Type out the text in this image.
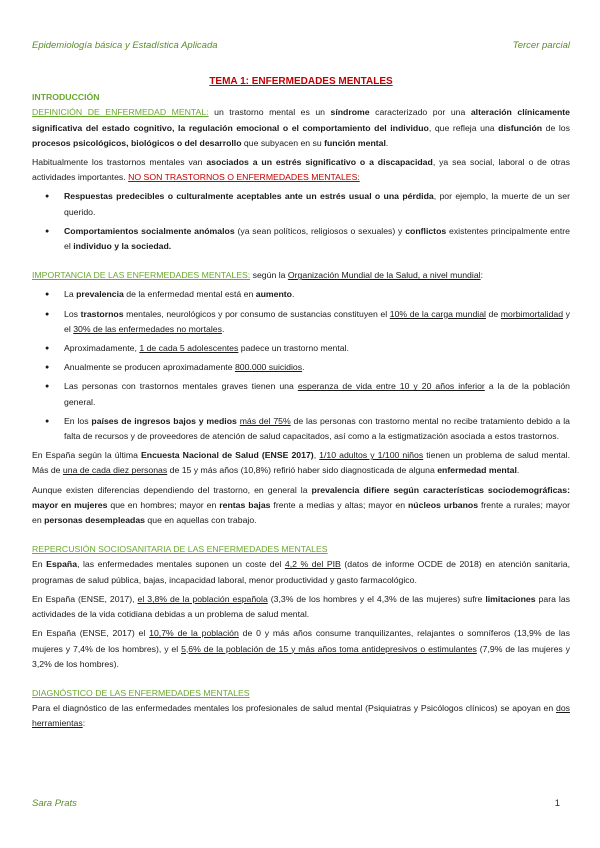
Epidemiología básica y Estadística Aplicada	Tercer parcial
TEMA 1: ENFERMEDADES MENTALES
INTRODUCCIÓN

DEFINICIÓN DE ENFERMEDAD MENTAL: un trastorno mental es un síndrome caracterizado por una alteración clínicamente significativa del estado cognitivo, la regulación emocional o el comportamiento del individuo, que refleja una disfunción de los procesos psicológicos, biológicos o del desarrollo que subyacen en su función mental.

Habitualmente los trastornos mentales van asociados a un estrés significativo o a discapacidad, ya sea social, laboral o de otras actividades importantes. NO SON TRASTORNOS O ENFERMEDADES MENTALES:

● Respuestas predecibles o culturalmente aceptables ante un estrés usual o una pérdida, por ejemplo, la muerte de un ser querido.
● Comportamientos socialmente anómalos (ya sean políticos, religiosos o sexuales) y conflictos existentes principalmente entre el individuo y la sociedad.

IMPORTANCIA DE LAS ENFERMEDADES MENTALES: según la Organización Mundial de la Salud, a nivel mundial:

● La prevalencia de la enfermedad mental está en aumento.
● Los trastornos mentales, neurológicos y por consumo de sustancias constituyen el 10% de la carga mundial de morbimortalidad y el 30% de las enfermedades no mortales.
● Aproximadamente, 1 de cada 5 adolescentes padece un trastorno mental.
● Anualmente se producen aproximadamente 800.000 suicidios.
● Las personas con trastornos mentales graves tienen una esperanza de vida entre 10 y 20 años inferior a la de la población general.
● En los países de ingresos bajos y medios más del 75% de las personas con trastorno mental no recibe tratamiento debido a la falta de recursos y de proveedores de atención de salud capacitados, así como a la estigmatización asociada a estos trastornos.

En España según la última Encuesta Nacional de Salud (ENSE 2017), 1/10 adultos y 1/100 niños tienen un problema de salud mental. Más de una de cada diez personas de 15 y más años (10,8%) refirió haber sido diagnosticada de alguna enfermedad mental.

Aunque existen diferencias dependiendo del trastorno, en general la prevalencia difiere según características sociodemográficas: mayor en mujeres que en hombres; mayor en rentas bajas frente a medias y altas; mayor en núcleos urbanos frente a rurales; mayor en personas desempleadas que en aquellas con trabajo.

REPERCUSIÓN SOCIOSANITARIA DE LAS ENFERMEDADES MENTALES

En España, las enfermedades mentales suponen un coste del 4,2 % del PIB (datos de informe OCDE de 2018) en atención sanitaria, programas de salud pública, bajas, incapacidad laboral, menor productividad y gasto farmacológico.

En España (ENSE, 2017), el 3,8% de la población española (3,3% de los hombres y el 4,3% de las mujeres) sufre limitaciones para las actividades de la vida cotidiana debidas a un problema de salud mental.

En España (ENSE, 2017) el 10,7% de la población de 0 y más años consume tranquilizantes, relajantes o somníferos (13,9% de las mujeres y 7,4% de los hombres), y el 5,6% de la población de 15 y más años toma antidepresivos o estimulantes (7,9% de las mujeres y 3,2% de los hombres).

DIAGNÓSTICO DE LAS ENFERMEDADES MENTALES

Para el diagnóstico de las enfermedades mentales los profesionales de salud mental (Psiquiatras y Psicólogos clínicos) se apoyan en dos herramientas:

Sara Prats	1
